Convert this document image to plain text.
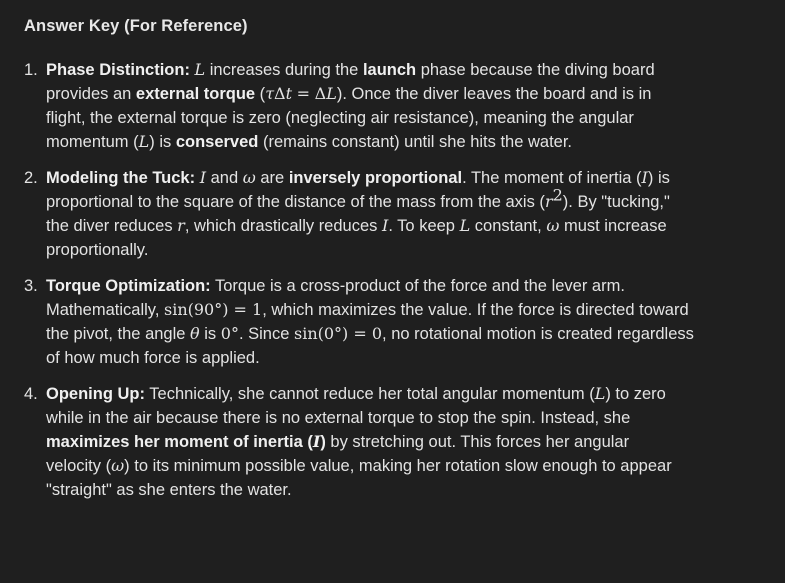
Answer Key (For Reference)
1. Phase Distinction: L increases during the launch phase because the diving board
provides an external torque (τΔt = ΔL). Once the diver leaves the board and is in
flight, the external torque is zero (neglecting air resistance), meaning the angular
momentum (L) is conserved (remains constant) until she hits the water.
2. Modeling the Tuck: I and ω are inversely proportional. The moment of inertia (I) is
proportional to the square of the distance of the mass from the axis $(r^2)$. By "tucking,"
the diver reduces r, which drastically reduces I. To keep L constant, ω must increase
proportionally.
3. Torque Optimization: Torque is a cross-product of the force and the lever arm.
Mathematically, sin(90°) = 1, which maximizes the value. If the force is directed toward
the pivot, the angle θ is 0°. Since sin(0°) = 0, no rotational motion is created regardless
of how much force is applied.
4. Opening Up: Technically, she cannot reduce her total angular momentum (L) to zero
while in the air because there is no external torque to stop the spin. Instead, she
maximizes her moment of inertia (I) by stretching out. This forces her angular
velocity (ω) to its minimum possible value, making her rotation slow enough to appear
"straight" as she enters the water.
